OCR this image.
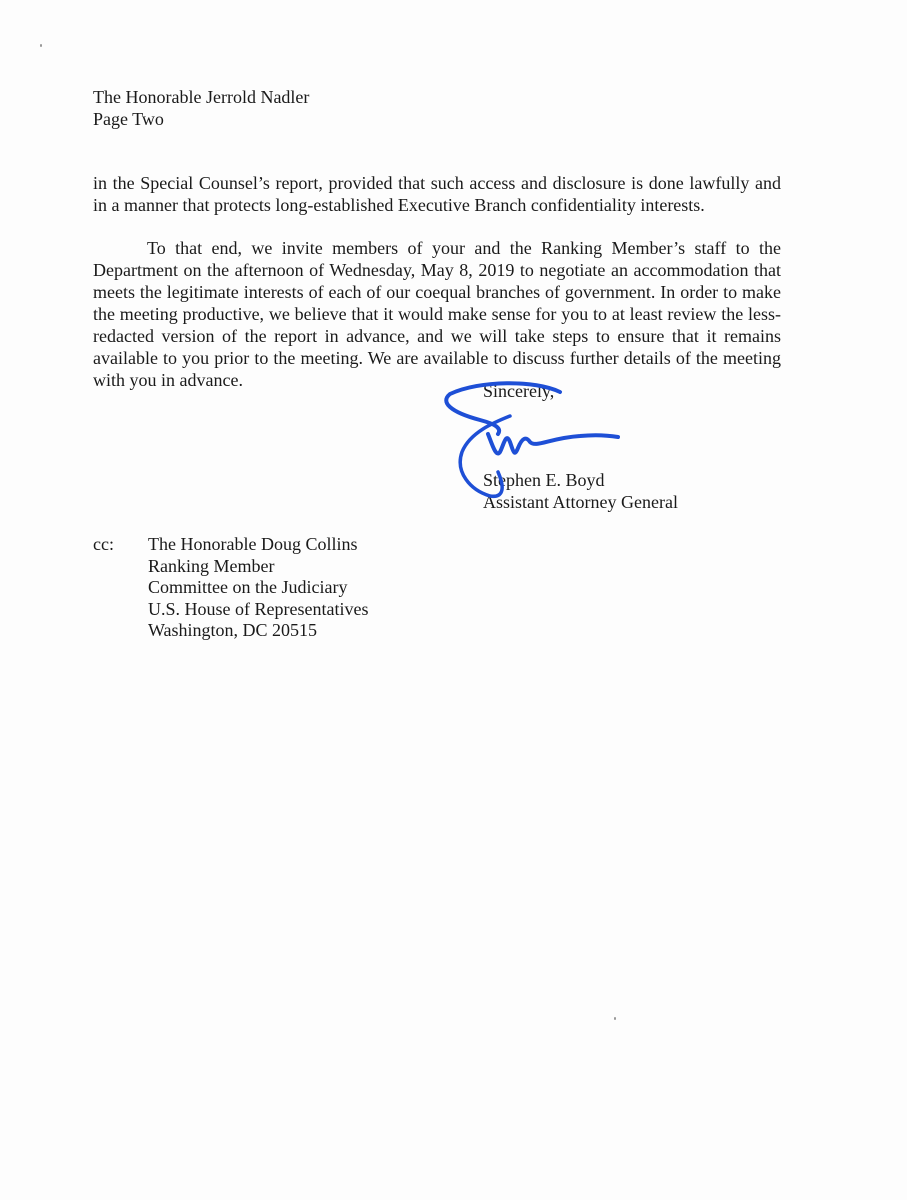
The Honorable Jerrold Nadler
Page Two
in the Special Counsel’s report, provided that such access and disclosure is done lawfully and in a manner that protects long-established Executive Branch confidentiality interests.
To that end, we invite members of your and the Ranking Member’s staff to the Department on the afternoon of Wednesday, May 8, 2019 to negotiate an accommodation that meets the legitimate interests of each of our coequal branches of government. In order to make the meeting productive, we believe that it would make sense for you to at least review the less-redacted version of the report in advance, and we will take steps to ensure that it remains available to you prior to the meeting. We are available to discuss further details of the meeting with you in advance.
Sincerely,
Stephen E. Boyd
Assistant Attorney General
cc: The Honorable Doug Collins
Ranking Member
Committee on the Judiciary
U.S. House of Representatives
Washington, DC 20515
